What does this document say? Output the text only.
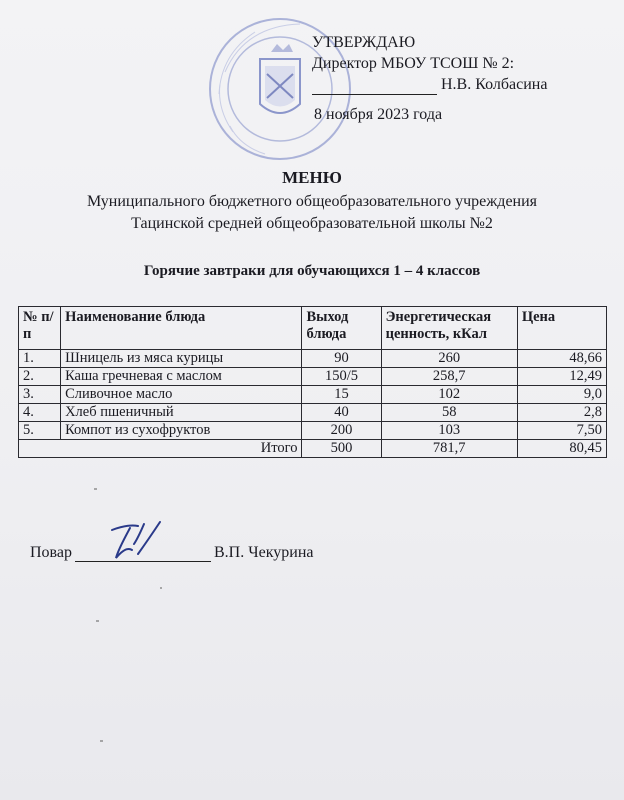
УТВЕРЖДАЮ
Директор МБОУ ТСОШ № 2:
Н.В. Колбасина
8 ноября 2023 года
МЕНЮ
Муниципального бюджетного общеобразовательного учреждения
Тацинской средней общеобразовательной школы №2
Горячие завтраки для обучающихся 1 – 4 классов
№ п/п	Наименование блюда	Выход блюда	Энергетическая ценность, кКал	Цена
1.	Шницель из мяса курицы	90	260	48,66
2.	Каша гречневая с маслом	150/5	258,7	12,49
3.	Сливочное масло	15	102	9,0
4.	Хлеб пшеничный	40	58	2,8
5.	Компот из сухофруктов	200	103	7,50
Итого		500	781,7	80,45
Повар	В.П. Чекурина
